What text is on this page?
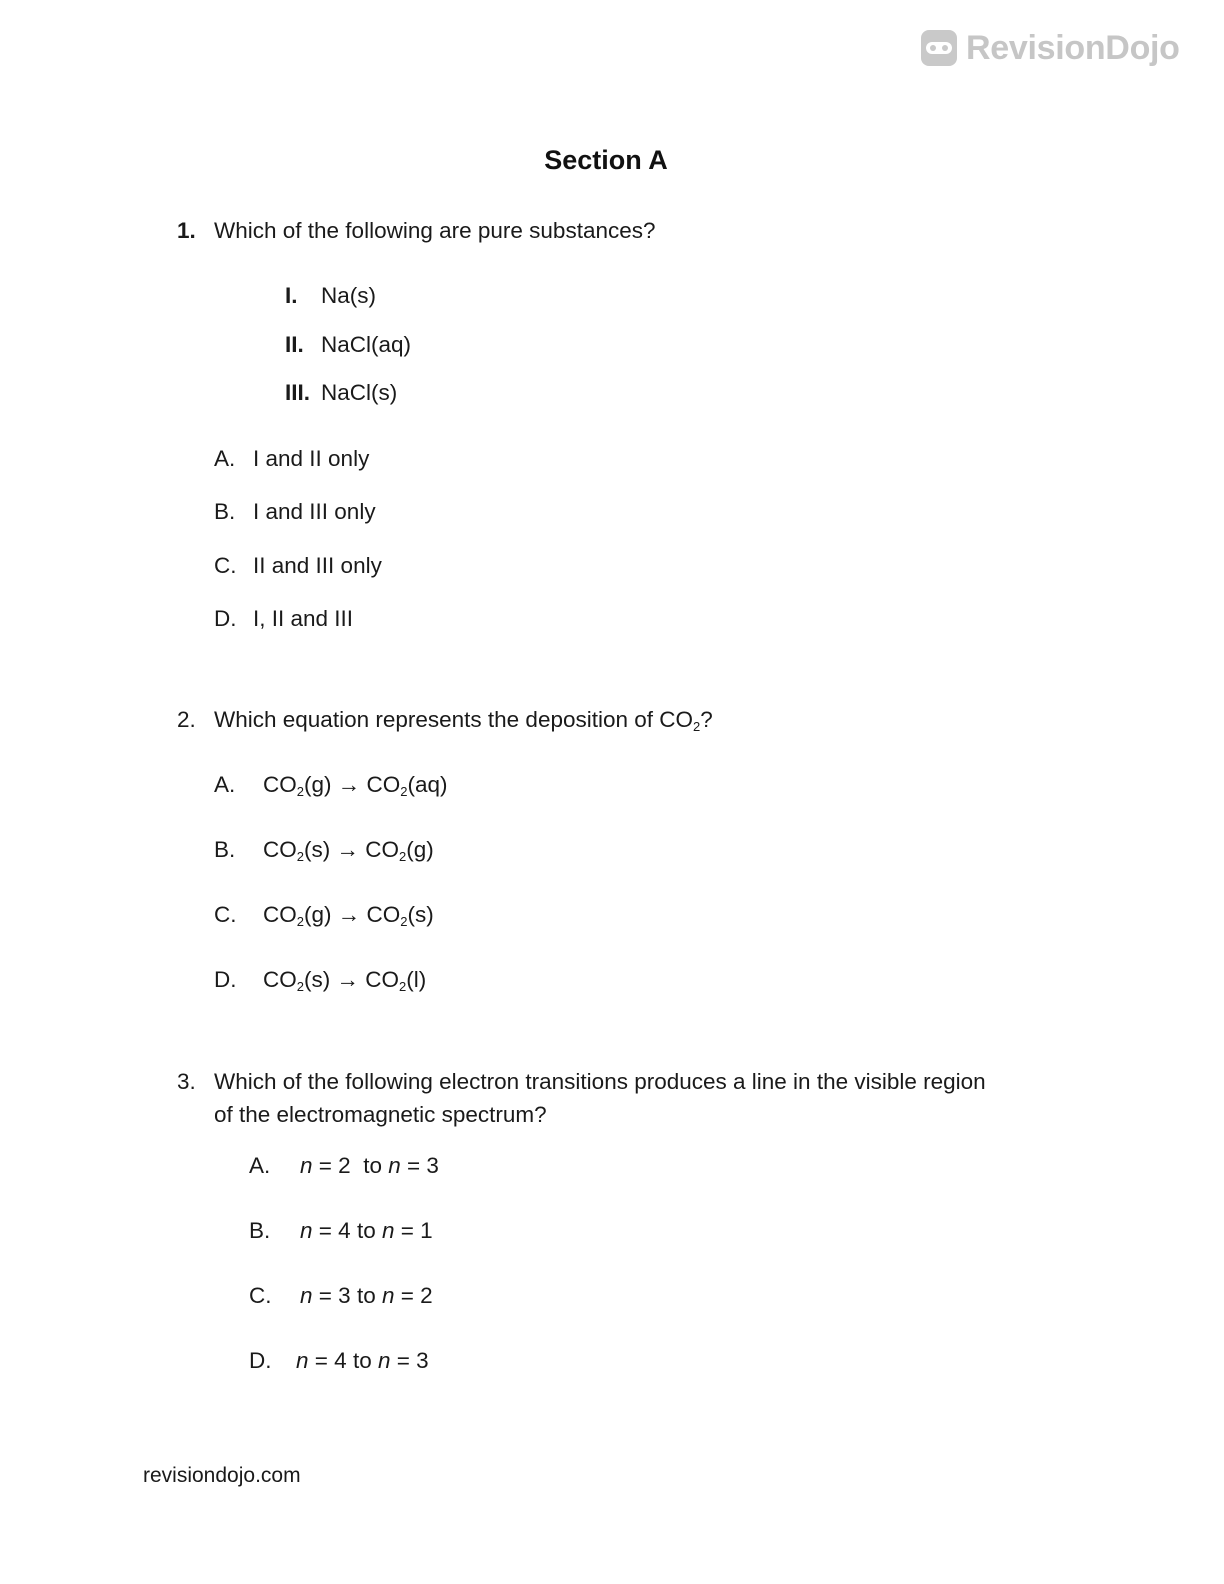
RevisionDojo
Section A
1. Which of the following are pure substances?
I. Na(s)
II. NaCl(aq)
III. NaCl(s)
A. I and II only
B. I and III only
C. II and III only
D. I, II and III
2. Which equation represents the deposition of $CO_2$?
A. $CO_2(g) \to CO_2(aq)$
B. $CO_2(s) \to CO_2(g)$
C. $CO_2(g) \to CO_2(s)$
D. $CO_2(s) \to CO_2(l)$
3. Which of the following electron transitions produces a line in the visible region
of the electromagnetic spectrum?
A. n = 2 to n = 3
B. n = 4 to n = 1
C. n = 3 to n = 2
D. n = 4 to n = 3
revisiondojo.com
